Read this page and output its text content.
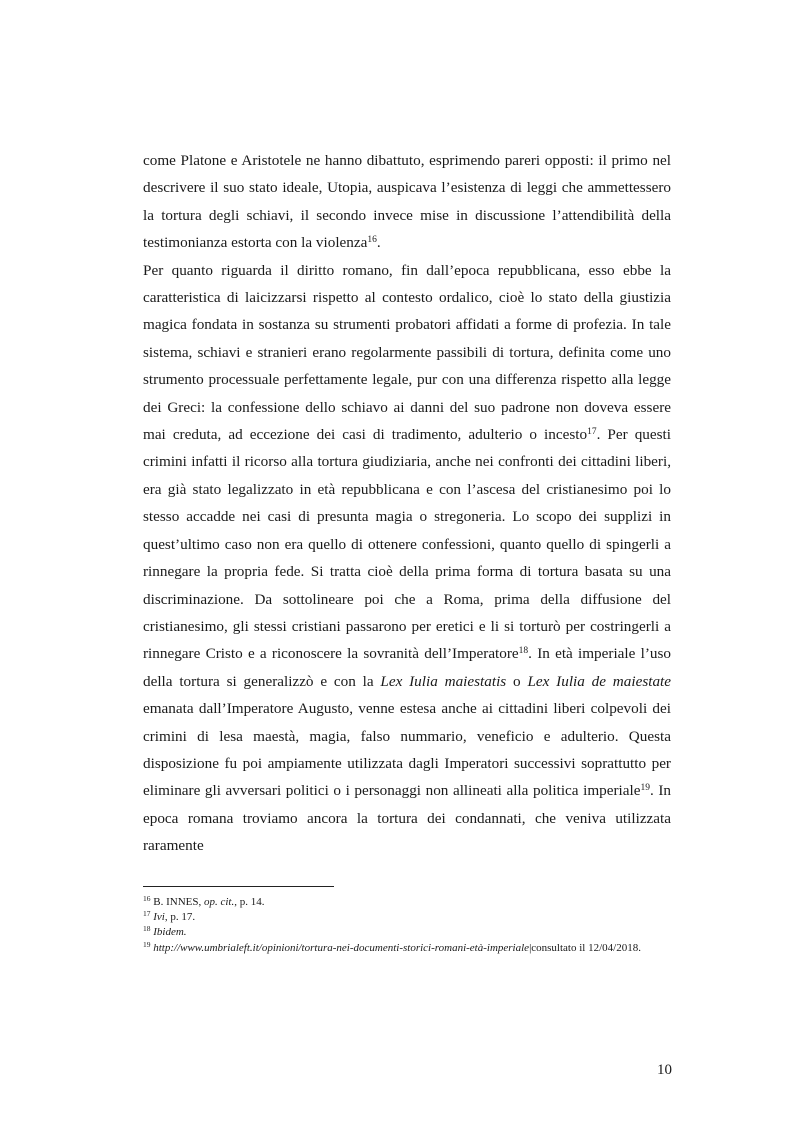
come Platone e Aristotele ne hanno dibattuto, esprimendo pareri opposti: il primo nel descrivere il suo stato ideale, Utopia, auspicava l’esistenza di leggi che ammettessero la tortura degli schiavi, il secondo invece mise in discussione l’attendibilità della testimonianza estorta con la violenza$^{16}$.

Per quanto riguarda il diritto romano, fin dall’epoca repubblicana, esso ebbe la caratteristica di laicizzarsi rispetto al contesto ordalico, cioè lo stato della giustizia magica fondata in sostanza su strumenti probatori affidati a forme di profezia. In tale sistema, schiavi e stranieri erano regolarmente passibili di tortura, definita come uno strumento processuale perfettamente legale, pur con una differenza rispetto alla legge dei Greci: la confessione dello schiavo ai danni del suo padrone non doveva essere mai creduta, ad eccezione dei casi di tradimento, adulterio o incesto$^{17}$. Per questi crimini infatti il ricorso alla tortura giudiziaria, anche nei confronti dei cittadini liberi, era già stato legalizzato in età repubblicana e con l’ascesa del cristianesimo poi lo stesso accadde nei casi di presunta magia o stregoneria. Lo scopo dei supplizi in quest’ultimo caso non era quello di ottenere confessioni, quanto quello di spingerli a rinnegare la propria fede. Si tratta cioè della prima forma di tortura basata su una discriminazione. Da sottolineare poi che a Roma, prima della diffusione del cristianesimo, gli stessi cristiani passarono per eretici e li si torturò per costringerli a rinnegare Cristo e a riconoscere la sovranità dell’Imperatore$^{18}$. In età imperiale l’uso della tortura si generalizzò e con la Lex Iulia maiestatis o Lex Iulia de maiestate emanata dall’Imperatore Augusto, venne estesa anche ai cittadini liberi colpevoli dei crimini di lesa maestà, magia, falso nummario, veneficio e adulterio. Questa disposizione fu poi ampiamente utilizzata dagli Imperatori successivi soprattutto per eliminare gli avversari politici o i personaggi non allineati alla politica imperiale$^{19}$. In epoca romana troviamo ancora la tortura dei condannati, che veniva utilizzata raramente

$^{16}$ B. INNES, op. cit., p. 14.

$^{17}$ Ivi, p. 17.

$^{18}$ Ibidem.

$^{19}$ http://www.umbrialeft.it/opinioni/tortura-nei-documenti-storici-romani-età-imperiale|consultato il 12/04/2018.

10
